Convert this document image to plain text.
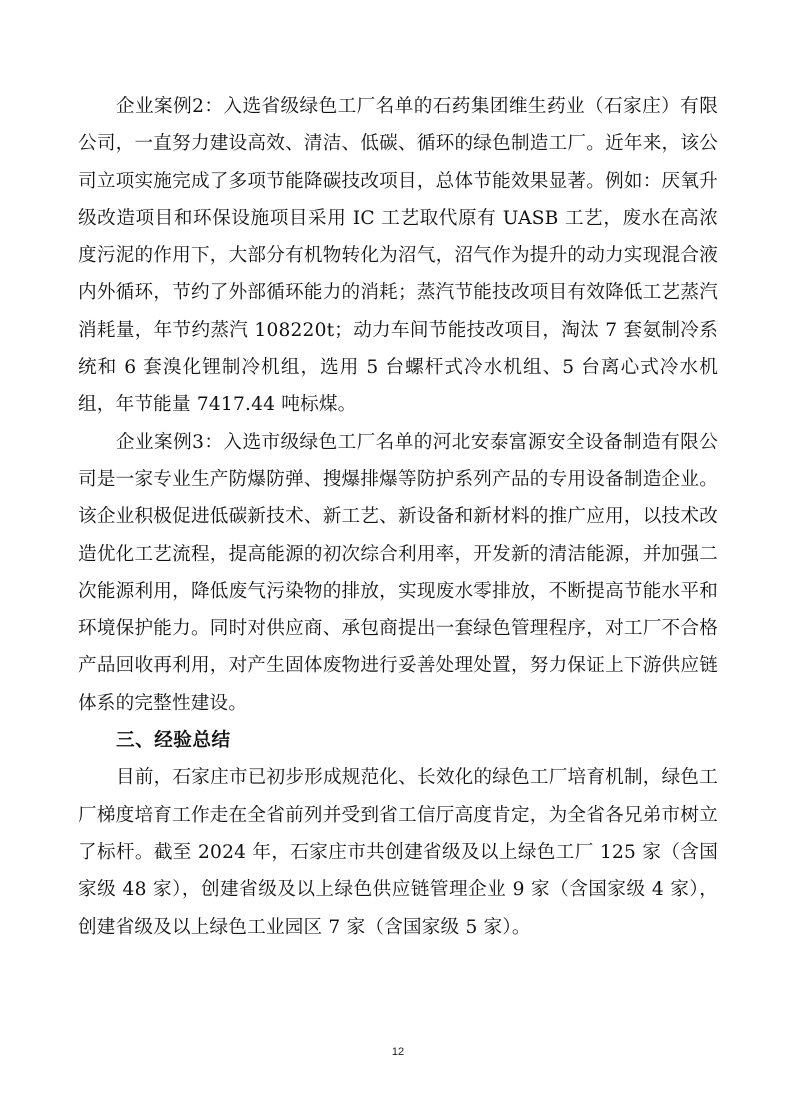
企业案例2：入选省级绿色工厂名单的石药集团维生药业（石家庄）有限公司，一直努力建设高效、清洁、低碳、循环的绿色制造工厂。近年来，该公司立项实施完成了多项节能降碳技改项目，总体节能效果显著。例如：厌氧升级改造项目和环保设施项目采用 IC 工艺取代原有 UASB 工艺，废水在高浓度污泥的作用下，大部分有机物转化为沼气，沼气作为提升的动力实现混合液内外循环，节约了外部循环能力的消耗；蒸汽节能技改项目有效降低工艺蒸汽消耗量，年节约蒸汽 108220t；动力车间节能技改项目，淘汰 7 套氨制冷系统和 6 套溴化锂制冷机组，选用 5 台螺杆式冷水机组、5 台离心式冷水机组，年节能量 7417.44 吨标煤。

企业案例3：入选市级绿色工厂名单的河北安泰富源安全设备制造有限公司是一家专业生产防爆防弹、搜爆排爆等防护系列产品的专用设备制造企业。该企业积极促进低碳新技术、新工艺、新设备和新材料的推广应用，以技术改造优化工艺流程，提高能源的初次综合利用率，开发新的清洁能源，并加强二次能源利用，降低废气污染物的排放，实现废水零排放，不断提高节能水平和环境保护能力。同时对供应商、承包商提出一套绿色管理程序，对工厂不合格产品回收再利用，对产生固体废物进行妥善处理处置，努力保证上下游供应链体系的完整性建设。

三、经验总结

目前，石家庄市已初步形成规范化、长效化的绿色工厂培育机制，绿色工厂梯度培育工作走在全省前列并受到省工信厅高度肯定，为全省各兄弟市树立了标杆。截至 2024 年，石家庄市共创建省级及以上绿色工厂 125 家（含国家级 48 家），创建省级及以上绿色供应链管理企业 9 家（含国家级 4 家），创建省级及以上绿色工业园区 7 家（含国家级 5 家）。

12
